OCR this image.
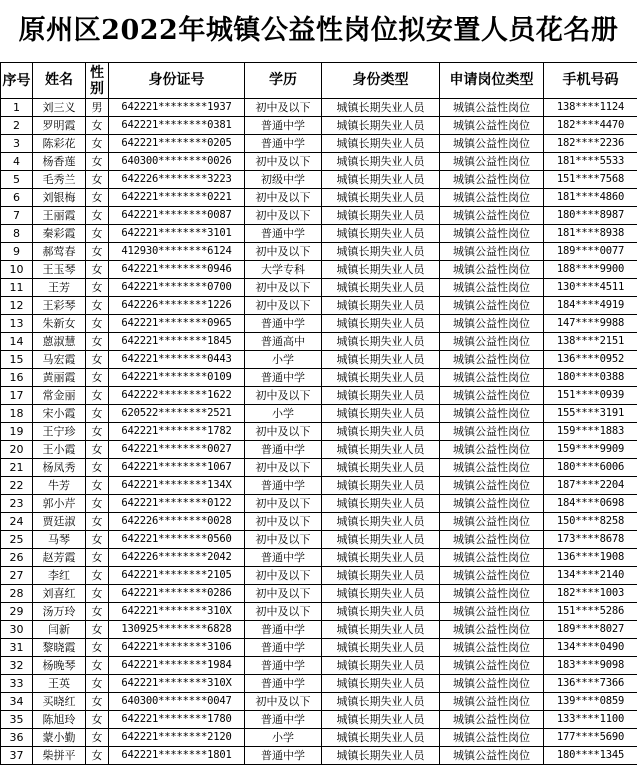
原州区2022年城镇公益性岗位拟安置人员花名册
序号	姓名	性别	身份证号	学历	身份类型	申请岗位类型	手机号码
1	刘三义	男	642221********1937	初中及以下	城镇长期失业人员	城镇公益性岗位	138****1124
2	罗明霞	女	642221********0381	普通中学	城镇长期失业人员	城镇公益性岗位	182****4470
3	陈彩花	女	642221********0205	普通中学	城镇长期失业人员	城镇公益性岗位	182****2236
4	杨香莲	女	640300********0026	初中及以下	城镇长期失业人员	城镇公益性岗位	181****5533
5	毛秀兰	女	642226********3223	初级中学	城镇长期失业人员	城镇公益性岗位	151****7568
6	刘银梅	女	642221********0221	初中及以下	城镇长期失业人员	城镇公益性岗位	181****4860
7	王丽霞	女	642221********0087	初中及以下	城镇长期失业人员	城镇公益性岗位	180****8987
8	秦彩霞	女	642221********3101	普通中学	城镇长期失业人员	城镇公益性岗位	181****8938
9	郝莺春	女	412930********6124	初中及以下	城镇长期失业人员	城镇公益性岗位	189****0077
10	王玉琴	女	642221********0946	大学专科	城镇长期失业人员	城镇公益性岗位	188****9900
11	王芳	女	642221********0700	初中及以下	城镇长期失业人员	城镇公益性岗位	130****4511
12	王彩琴	女	642226********1226	初中及以下	城镇长期失业人员	城镇公益性岗位	184****4919
13	朱新女	女	642221********0965	普通中学	城镇长期失业人员	城镇公益性岗位	147****9988
14	蒽淑慧	女	642221********1845	普通高中	城镇长期失业人员	城镇公益性岗位	138****2151
15	马宏霞	女	642221********0443	小学	城镇长期失业人员	城镇公益性岗位	136****0952
16	黄丽霞	女	642221********0109	普通中学	城镇长期失业人员	城镇公益性岗位	180****0388
17	常金丽	女	642222********1622	初中及以下	城镇长期失业人员	城镇公益性岗位	151****0939
18	宋小霞	女	620522********2521	小学	城镇长期失业人员	城镇公益性岗位	155****3191
19	王宁珍	女	642221********1782	初中及以下	城镇长期失业人员	城镇公益性岗位	159****1883
20	王小霞	女	642221********0027	普通中学	城镇长期失业人员	城镇公益性岗位	159****9909
21	杨凤秀	女	642221********1067	初中及以下	城镇长期失业人员	城镇公益性岗位	180****6006
22	牛芳	女	642221********134X	普通中学	城镇长期失业人员	城镇公益性岗位	187****2204
23	郭小芹	女	642221********0122	初中及以下	城镇长期失业人员	城镇公益性岗位	184****0698
24	贾廷淑	女	642226********0028	初中及以下	城镇长期失业人员	城镇公益性岗位	150****8258
25	马琴	女	642221********0560	初中及以下	城镇长期失业人员	城镇公益性岗位	173****8678
26	赵芳霞	女	642226********2042	普通中学	城镇长期失业人员	城镇公益性岗位	136****1908
27	李红	女	642221********2105	初中及以下	城镇长期失业人员	城镇公益性岗位	134****2140
28	刘喜红	女	642221********0286	初中及以下	城镇长期失业人员	城镇公益性岗位	182****1003
29	汤万玲	女	642221********310X	初中及以下	城镇长期失业人员	城镇公益性岗位	151****5286
30	闫新	女	130925********6828	普通中学	城镇长期失业人员	城镇公益性岗位	189****8027
31	黎晓霞	女	642221********3106	普通中学	城镇长期失业人员	城镇公益性岗位	134****0490
32	杨晚琴	女	642221********1984	普通中学	城镇长期失业人员	城镇公益性岗位	183****9098
33	王英	女	642221********310X	普通中学	城镇长期失业人员	城镇公益性岗位	136****7366
34	买晓红	女	640300********0047	初中及以下	城镇长期失业人员	城镇公益性岗位	139****0859
35	陈旭玲	女	642221********1780	普通中学	城镇长期失业人员	城镇公益性岗位	133****1100
36	蒙小勤	女	642221********2120	小学	城镇长期失业人员	城镇公益性岗位	177****5690
37	柴拼平	女	642221********1801	普通中学	城镇长期失业人员	城镇公益性岗位	180****1345
